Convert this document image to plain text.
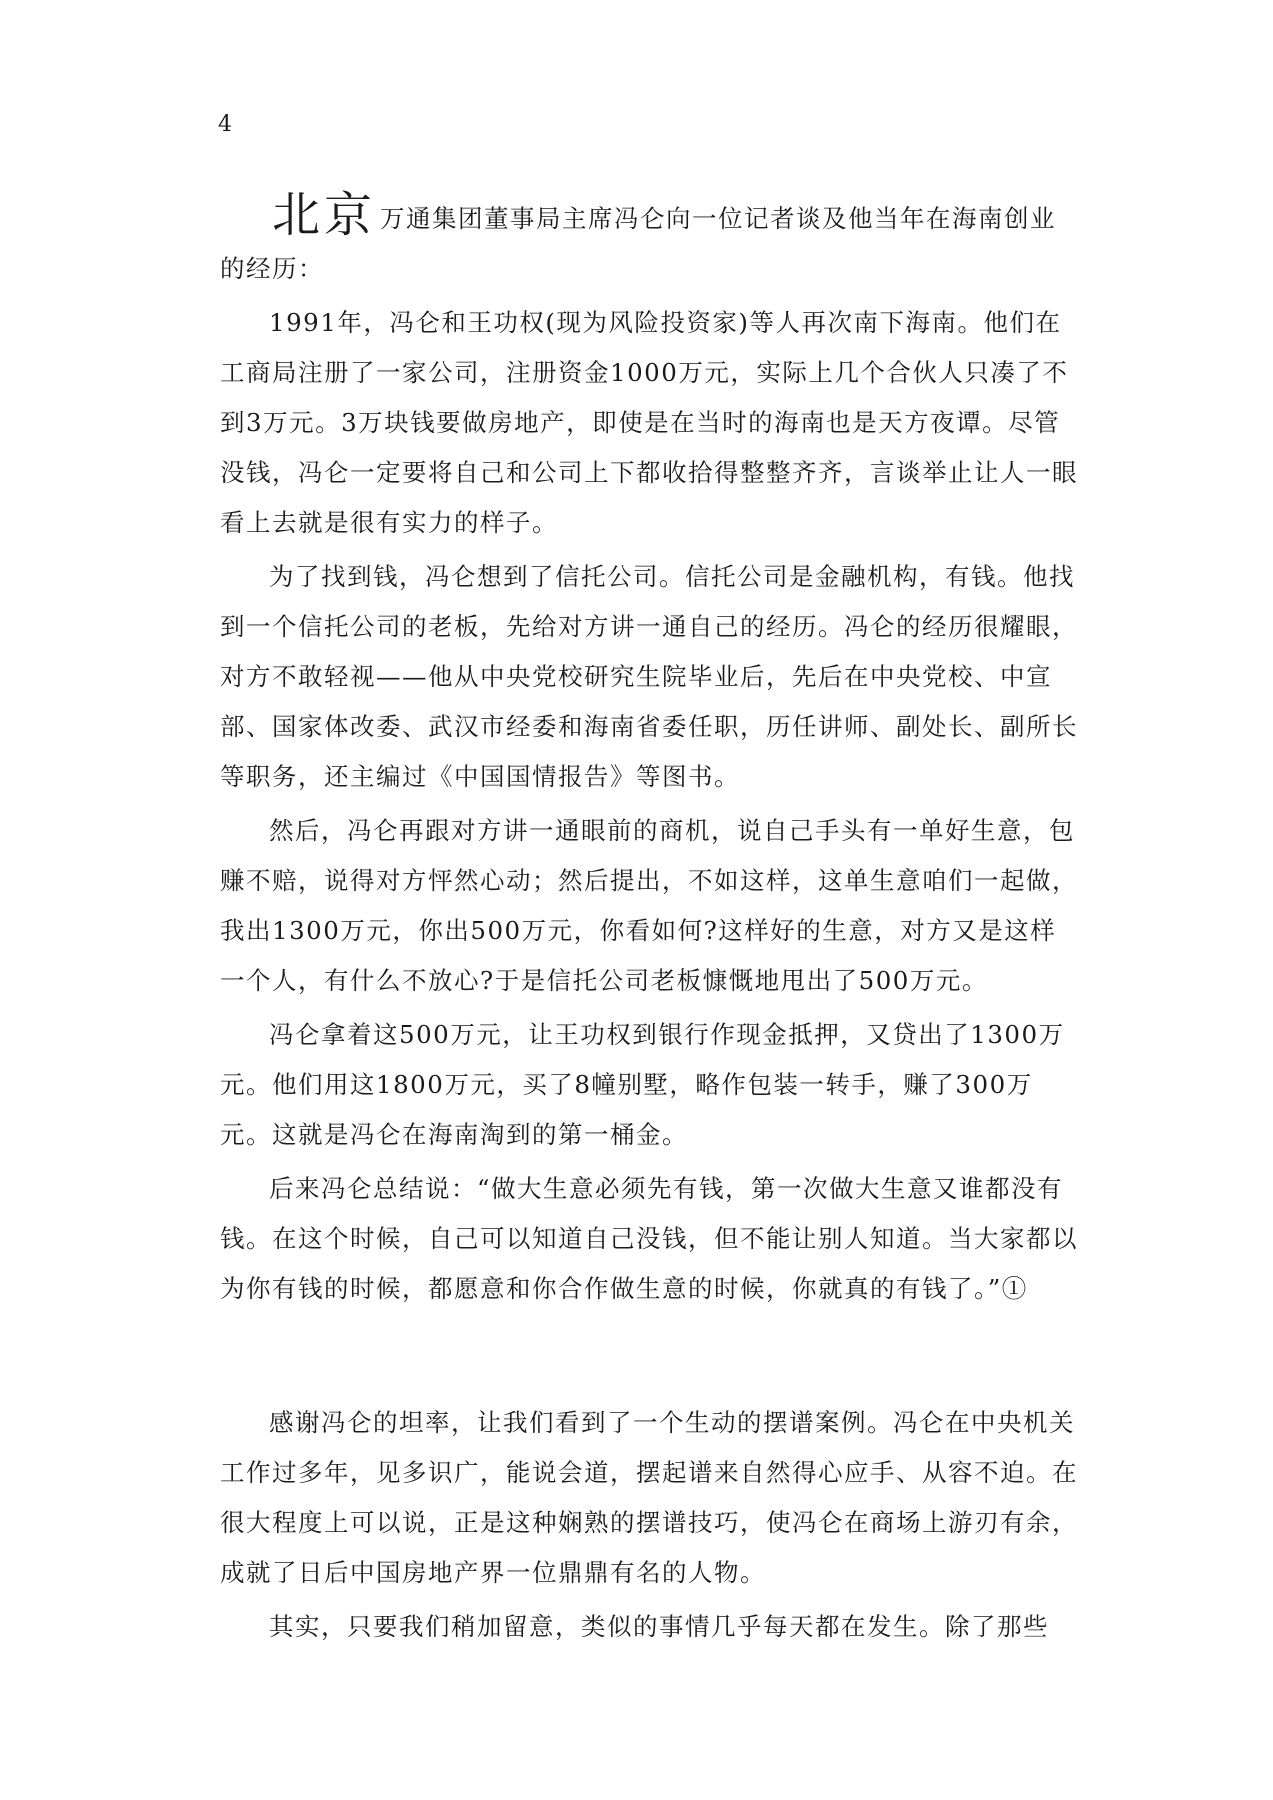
4

北京 万通集团董事局主席冯仑向一位记者谈及他当年在海南创业的经历：

1991年，冯仑和王功权(现为风险投资家)等人再次南下海南。他们在工商局注册了一家公司，注册资金1000万元，实际上几个合伙人只凑了不到3万元。3万块钱要做房地产，即使是在当时的海南也是天方夜谭。尽管没钱，冯仑一定要将自己和公司上下都收拾得整整齐齐，言谈举止让人一眼看上去就是很有实力的样子。

为了找到钱，冯仑想到了信托公司。信托公司是金融机构，有钱。他找到一个信托公司的老板，先给对方讲一通自己的经历。冯仑的经历很耀眼，对方不敢轻视——他从中央党校研究生院毕业后，先后在中央党校、中宣部、国家体改委、武汉市经委和海南省委任职，历任讲师、副处长、副所长等职务，还主编过《中国国情报告》等图书。

然后，冯仑再跟对方讲一通眼前的商机，说自己手头有一单好生意，包赚不赔，说得对方怦然心动；然后提出，不如这样，这单生意咱们一起做，我出1300万元，你出500万元，你看如何?这样好的生意，对方又是这样一个人，有什么不放心?于是信托公司老板慷慨地甩出了500万元。

冯仑拿着这500万元，让王功权到银行作现金抵押，又贷出了1300万元。他们用这1800万元，买了8幢别墅，略作包装一转手，赚了300万元。这就是冯仑在海南淘到的第一桶金。

后来冯仑总结说：“做大生意必须先有钱，第一次做大生意又谁都没有钱。在这个时候，自己可以知道自己没钱，但不能让别人知道。当大家都以为你有钱的时候，都愿意和你合作做生意的时候，你就真的有钱了。”①

感谢冯仑的坦率，让我们看到了一个生动的摆谱案例。冯仑在中央机关工作过多年，见多识广，能说会道，摆起谱来自然得心应手、从容不迫。在很大程度上可以说，正是这种娴熟的摆谱技巧，使冯仑在商场上游刃有余，成就了日后中国房地产界一位鼎鼎有名的人物。

其实，只要我们稍加留意，类似的事情几乎每天都在发生。除了那些
